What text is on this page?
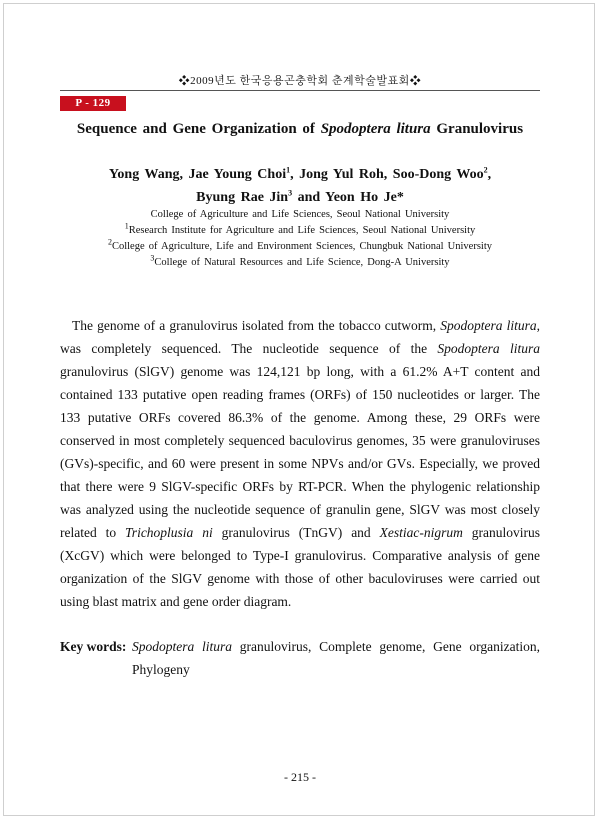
❖2009년도 한국응용곤충학회 춘계학술발표회❖
P - 129
Sequence and Gene Organization of Spodoptera litura Granulovirus
Yong Wang, Jae Young Choi$^1$, Jong Yul Roh, Soo-Dong Woo$^2$,
Byung Rae Jin$^3$ and Yeon Ho Je*
College of Agriculture and Life Sciences, Seoul National University
$^1$Research Institute for Agriculture and Life Sciences, Seoul National University
$^2$College of Agriculture, Life and Environment Sciences, Chungbuk National University
$^3$College of Natural Resources and Life Science, Dong-A University
The genome of a granulovirus isolated from the tobacco cutworm, Spodoptera litura, was completely sequenced. The nucleotide sequence of the Spodoptera litura granulovirus (SlGV) genome was 124,121 bp long, with a 61.2% A+T content and contained 133 putative open reading frames (ORFs) of 150 nucleotides or larger. The 133 putative ORFs covered 86.3% of the genome. Among these, 29 ORFs were conserved in most completely sequenced baculovirus genomes, 35 were granuloviruses (GVs)-specific, and 60 were present in some NPVs and/or GVs. Especially, we proved that there were 9 SlGV-specific ORFs by RT-PCR. When the phylogenic relationship was analyzed using the nucleotide sequence of granulin gene, SlGV was most closely related to Trichoplusia ni granulovirus (TnGV) and Xestiac-nigrum granulovirus (XcGV) which were belonged to Type-I granulovirus. Comparative analysis of gene organization of the SlGV genome with those of other baculoviruses were carried out using blast matrix and gene order diagram.
Key words: Spodoptera litura granulovirus, Complete genome, Gene organization, Phylogeny
- 215 -
